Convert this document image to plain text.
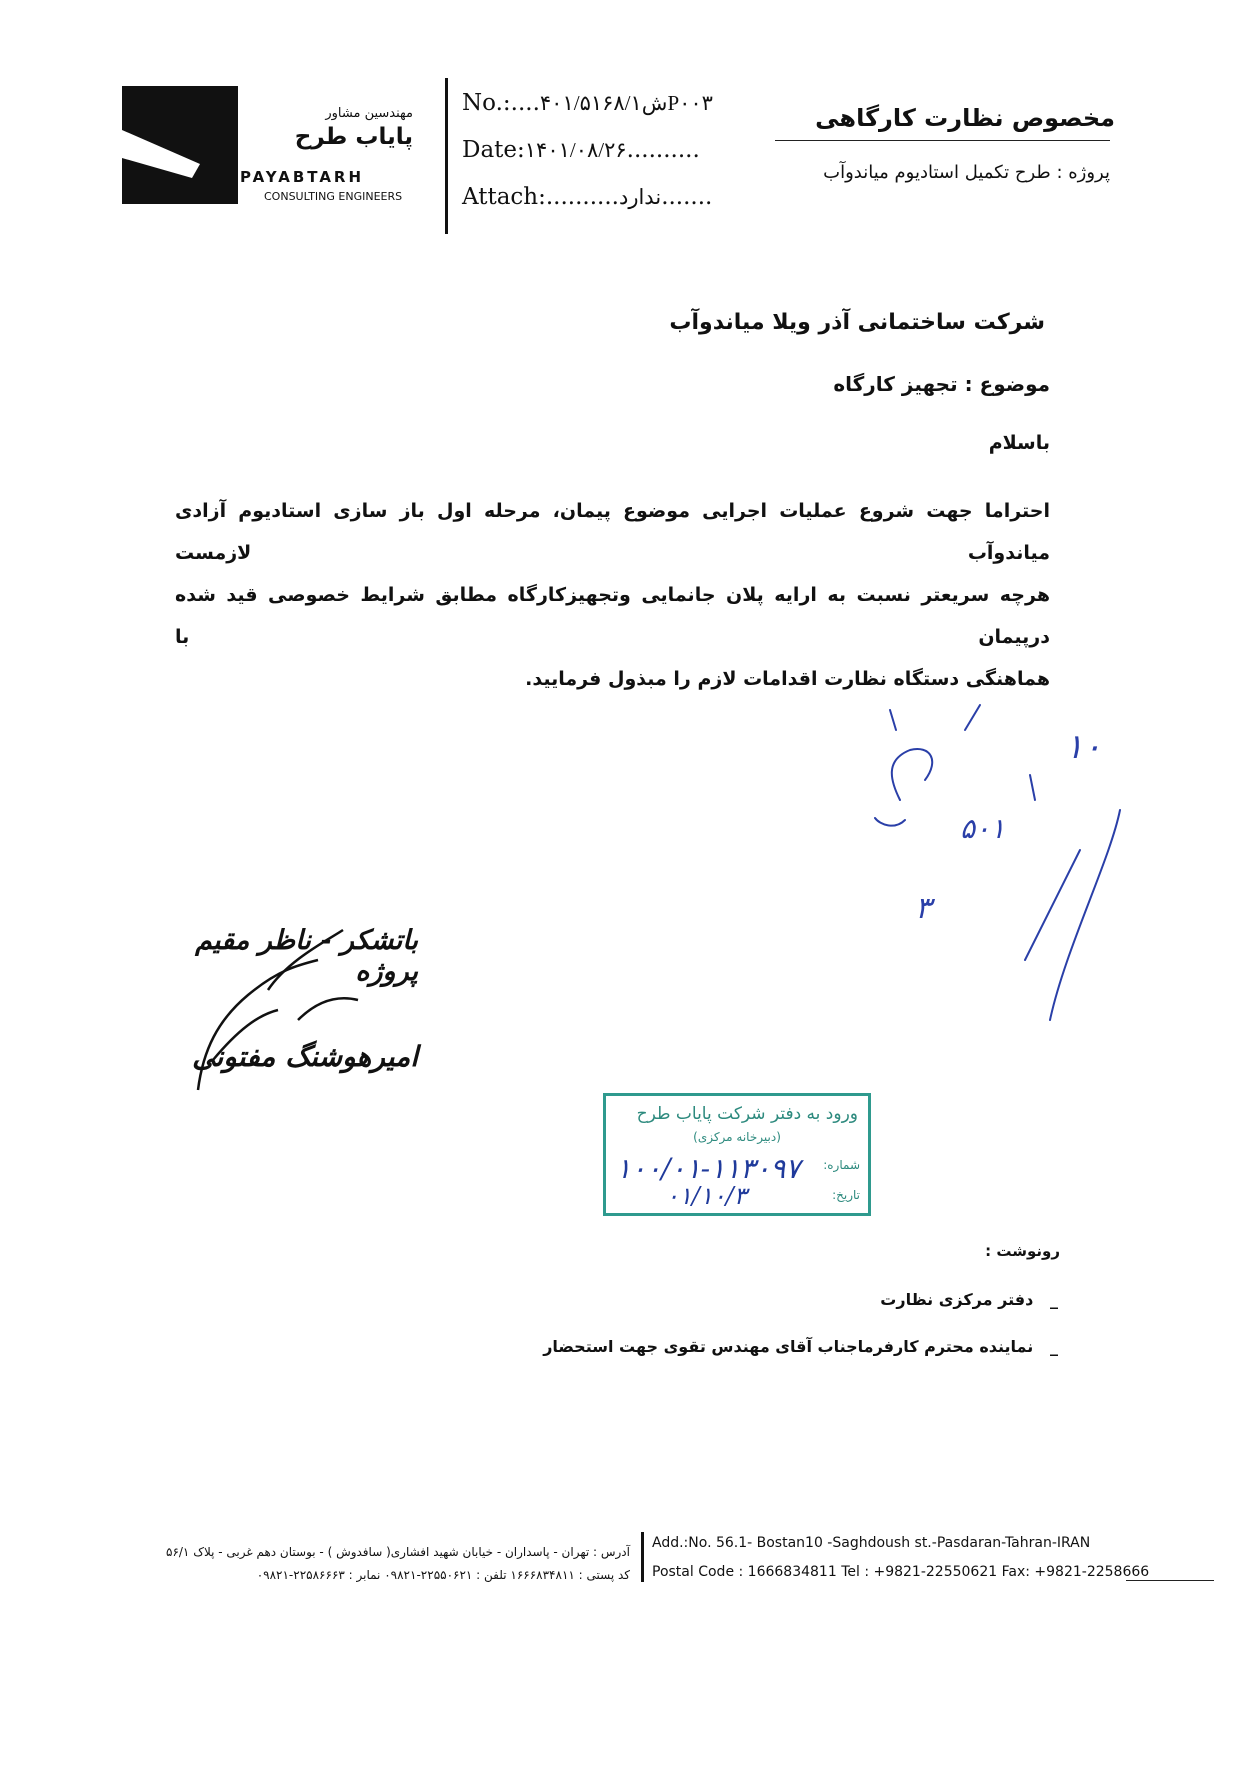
مهندسین مشاور
پایاب طرح
PAYABTARH
CONSULTING ENGINEERS
No.:....ش۴۰۱/۵۱۶۸/۱P۰۰۳
Date:۱۴۰۱/۰۸/۲۶..........
Attach:..........ندارد.......
مخصوص نظارت کارگاهی
پروژه : طرح تکمیل استادیوم میاندوآب
شرکت ساختمانی آذر ویلا میاندوآب
موضوع : تجهیز کارگاه
باسلام
احتراما جهت شروع عملیات اجرایی موضوع پیمان، مرحله اول باز سازی استادیوم آزادی میاندوآب لازمست
هرچه سریعتر نسبت به ارایه پلان جانمایی وتجهیزکارگاه مطابق شرایط خصوصی قید شده درپیمان با
هماهنگی دستگاه نظارت اقدامات لازم را مبذول فرمایید.
۱۰
۵۰۱
۳
باتشکر - ناظر مقیم پروژه
امیرهوشنگ مفتونی
ورود به دفتر شرکت پایاب طرح
(دبیرخانه مرکزی)
شماره:
تاریخ:
۱۰۰/۰۱-۱۱۳۰۹۷
۰۱/۱۰/۳
رونوشت :
_   دفتر مرکزی نظارت
_   نماینده محترم کارفرماجناب آقای مهندس تقوی جهت استحضار
آدرس : تهران - پاسداران - خیابان شهید افشاری( سافدوش ) - بوستان دهم غربی - پلاک ۵۶/۱
کد پستی : ۱۶۶۶۸۳۴۸۱۱ تلفن : ۲۲۵۵۰۶۲۱-۰۹۸۲۱ نمابر : ۲۲۵۸۶۶۶۳-۰۹۸۲۱
Add.:No. 56.1- Bostan10 -Saghdoush st.-Pasdaran-Tahran-IRAN
Postal Code : 1666834811 Tel : +9821-22550621 Fax: +9821-2258666
